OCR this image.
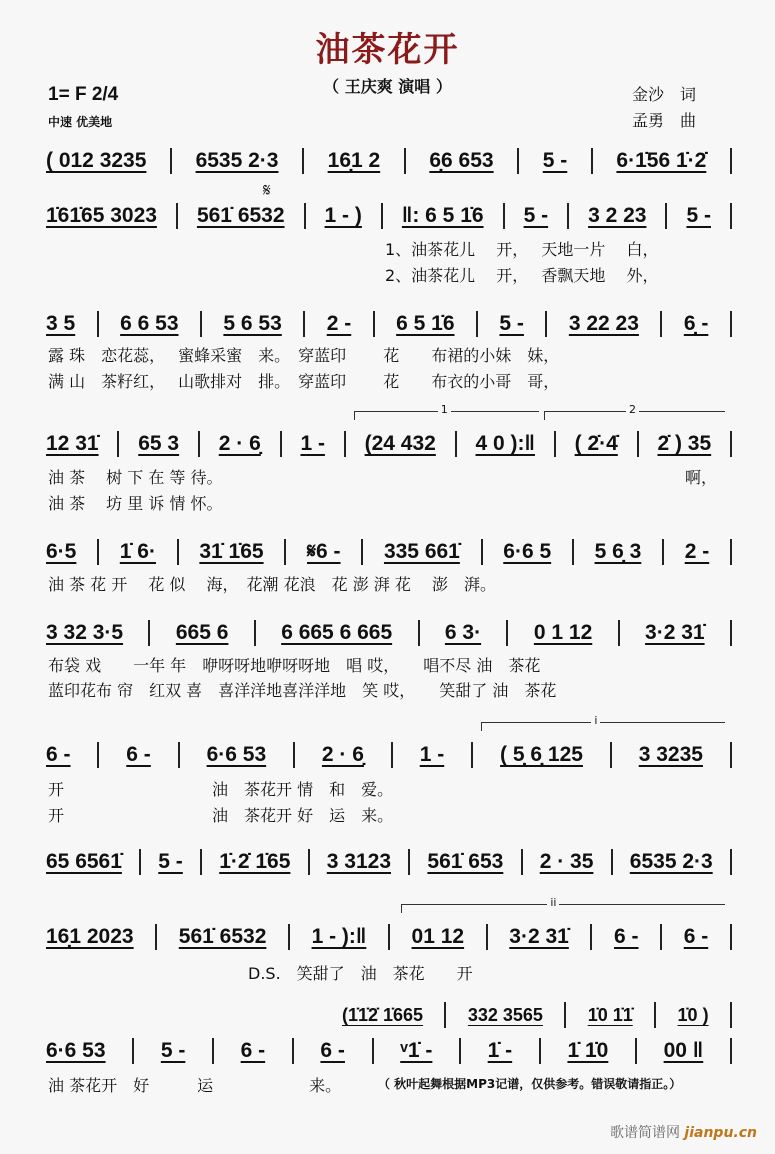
油茶花开
（ 王庆爽 演唱 ）
1= F 2/4
中速 优美地
金沙　词
孟勇　曲
𝄋
( 012 3235 6535 2·3 16̣1 2 6̣6 653 5 - 6·1̇56 1̇·2̇
1̇61̇65 3023 561̇ 6532 1 - ) ‖: 6 5 1̇6 5 - 3 2 23 5 -
3 5 6 6 53 5 6 53 2 - 6 5 1̇6 5 - 3 22 23 6̣ -
12 31̇ 65 3 2 · 6̣ 1 - (24 432 4 0 ):‖ ( 2̇·4̇ 2̇ ) 35
6·5 1̇ 6· 31̇ 1̇65 𝄋6 - 335 661̇ 6·6 5 5 6̣ 3 2 -
3 32 3·5	665 6	6 665 6 665	6 3·	0 1 12	3·2 31̇
6 -	6 -	6·6 53	2 · 6̣	1 -	( 5̣ 6̣ 125	3 3235
65 6561̇ 5 - 1̇·2̇ 1̇65 3 3123 561̇ 653 2 · 35 6535 2·3
16̣1 2023 561̇ 6532 1 - ):‖ 01 12 3·2 31̇ 6 - 6 -
(1̇1̇2̇ 1̇665 332 3565 1̇0 1̇1̇ 1̇0 )
6·6 53	5 -	6 -	6 -	ᵛ1̇ -	1̇ -	1̇ 1̇0	00 ‖
1	2
i
ii
1、油茶花儿　 开，　 天地一片　 白，
2、油茶花儿　 开，　 香飘天地　 外，
露 珠　恋花蕊，　 蜜蜂采蜜　来。　穿蓝印　　 花　　布裙的小妹　妹，
满 山　茶籽红，　 山歌排对　排。　穿蓝印　　 花　　布衣的小哥　哥，
油 茶　 树 下 在 等 待。	啊，
油 茶　 坊 里 诉 情 怀。
油 茶 花 开　 花 似　 海，　花潮 花浪　花 澎 湃 花　 澎　湃。
布袋 戏　　一年 年　咿呀呀地咿呀呀地　唱 哎，　　唱不尽 油　茶花
蓝印花布 帘　红双 喜　喜洋洋地喜洋洋地　笑 哎，　　笑甜了 油　茶花
开	油　茶花开 情　和　爱。
开	油　茶花开 好　运　来。
D.S.　笑甜了　油　茶花　　开
油 茶花开　好　　　运　　　　　　来。	（ 秋叶起舞根据MP3记谱，仅供参考。错误敬请指正。）
歌谱简谱网 jianpu.cn
